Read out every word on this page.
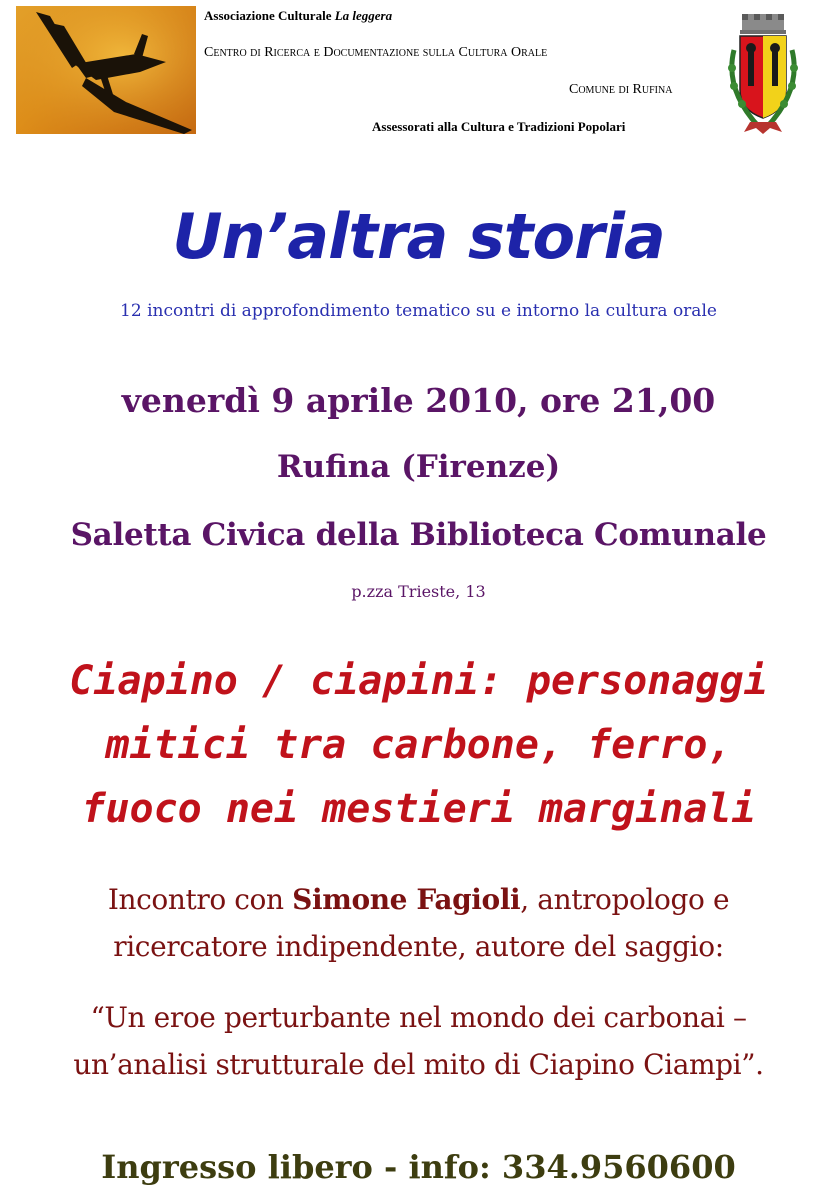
Associazione Culturale La leggera
Centro di Ricerca e Documentazione sulla Cultura Orale
Comune di Rufina
Assessorati alla Cultura e Tradizioni Popolari
Un’altra storia
12 incontri di approfondimento tematico su e intorno la cultura orale
venerdì 9 aprile 2010, ore 21,00
Rufina (Firenze)
Saletta Civica della Biblioteca Comunale
p.zza Trieste, 13
Ciapino / ciapini: personaggi
mitici tra carbone, ferro,
fuoco nei mestieri marginali
Incontro con Simone Fagioli, antropologo e
ricercatore indipendente, autore del saggio:
“Un eroe perturbante nel mondo dei carbonai –
un’analisi strutturale del mito di Ciapino Ciampi”.
Ingresso libero - info: 334.9560600
